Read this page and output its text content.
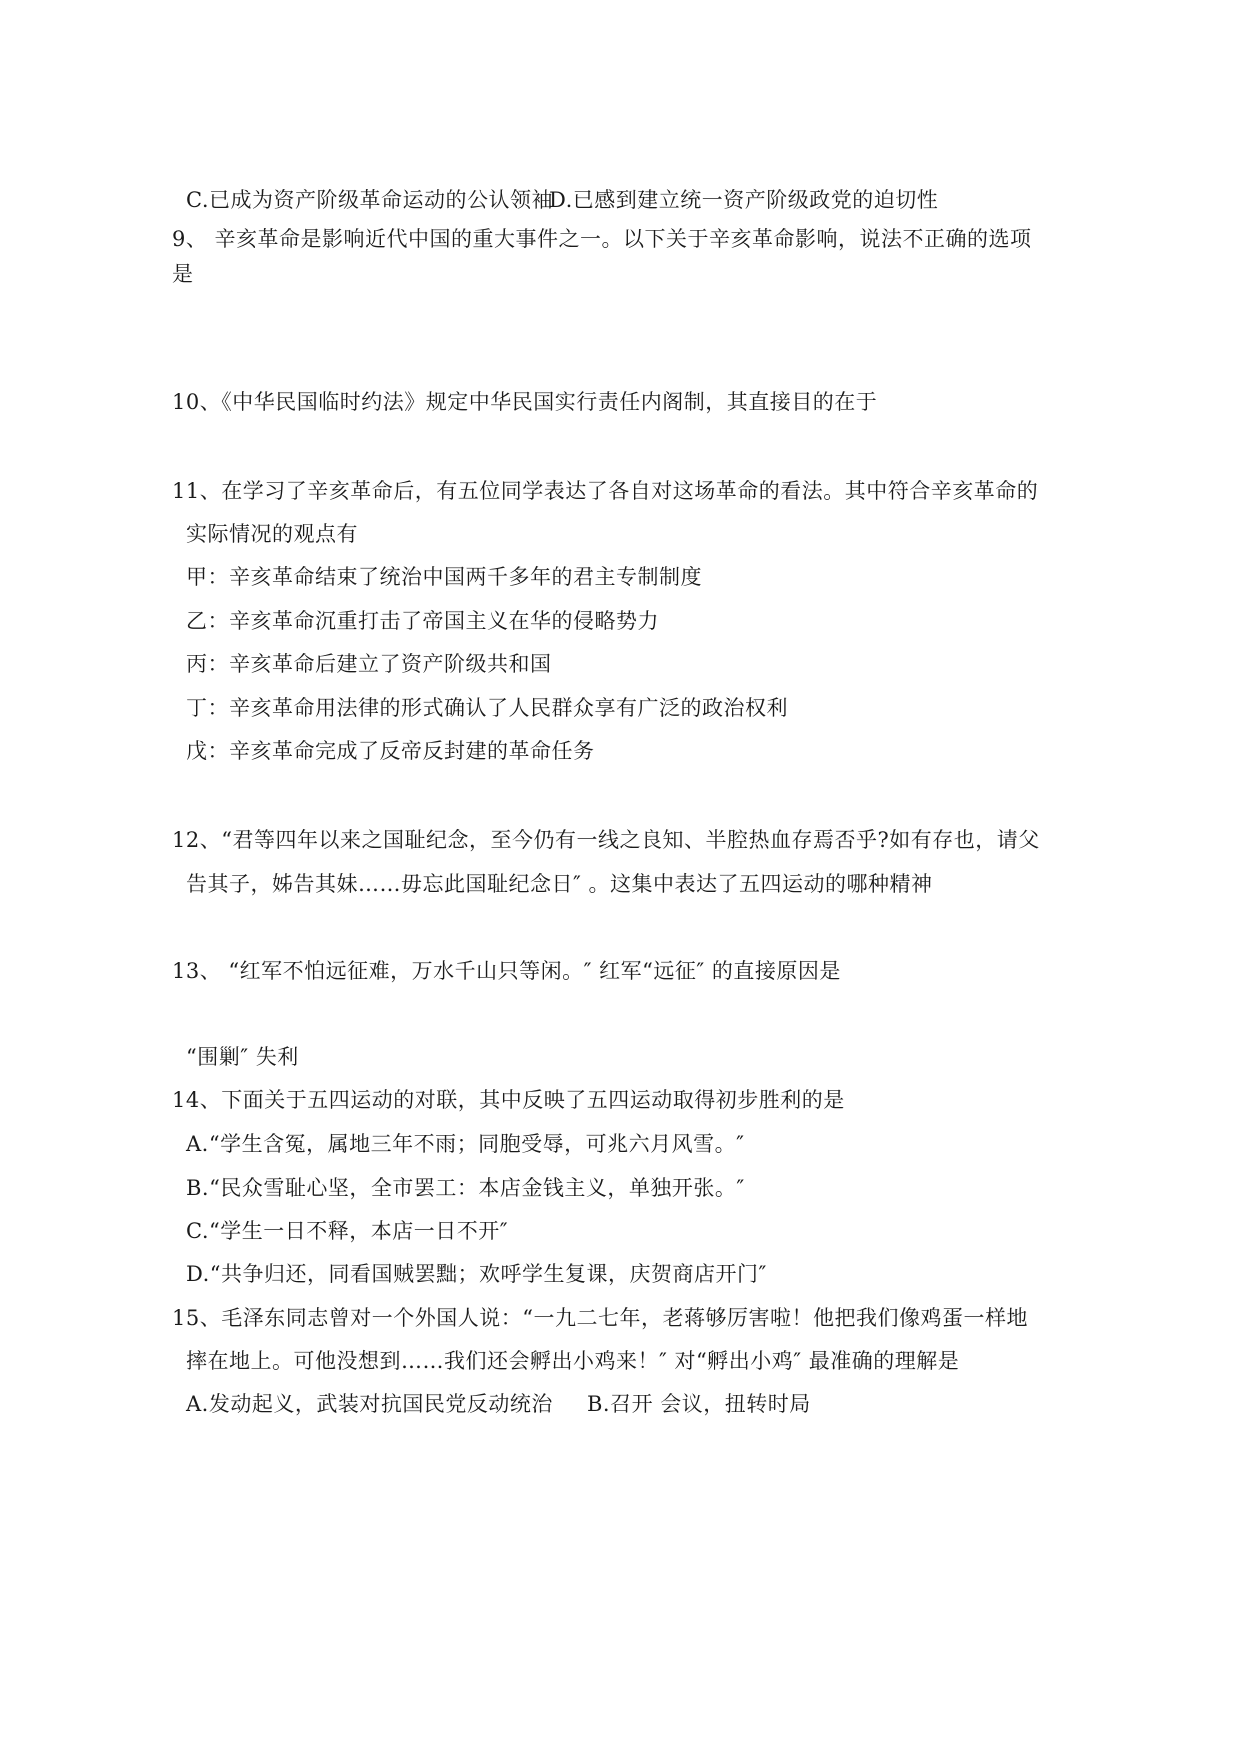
C.已成为资产阶级革命运动的公认领袖
D.已感到建立统一资产阶级政党的迫切性
9、 辛亥革命是影响近代中国的重大事件之一。以下关于辛亥革命影响，说法不正确的选项
是
10、《中华民国临时约法》规定中华民国实行责任内阁制，其直接目的在于
11、在学习了辛亥革命后，有五位同学表达了各自对这场革命的看法。其中符合辛亥革命的
实际情况的观点有
甲：辛亥革命结束了统治中国两千多年的君主专制制度
乙：辛亥革命沉重打击了帝国主义在华的侵略势力
丙：辛亥革命后建立了资产阶级共和国
丁：辛亥革命用法律的形式确认了人民群众享有广泛的政治权利
戊：辛亥革命完成了反帝反封建的革命任务
12、“君等四年以来之国耻纪念，至今仍有一线之良知、半腔热血存焉否乎?如有存也，请父
告其子，姊告其妹……毋忘此国耻纪念日″ 。这集中表达了五四运动的哪种精神
13、 “红军不怕远征难，万水千山只等闲。″ 红军“远征″ 的直接原因是
“围剿″ 失利
14、下面关于五四运动的对联，其中反映了五四运动取得初步胜利的是
A.“学生含冤，属地三年不雨；同胞受辱，可兆六月风雪。″
B.“民众雪耻心坚，全市罢工：本店金钱主义，单独开张。″
C.“学生一日不释，本店一日不开″
D.“共争归还，同看国贼罢黜；欢呼学生复课，庆贺商店开门″
15、毛泽东同志曾对一个外国人说：“一九二七年，老蒋够厉害啦！他把我们像鸡蛋一样地
摔在地上。可他没想到……我们还会孵出小鸡来！″ 对“孵出小鸡″ 最准确的理解是
A.发动起义，武装对抗国民党反动统治 B.召开 会议，扭转时局
